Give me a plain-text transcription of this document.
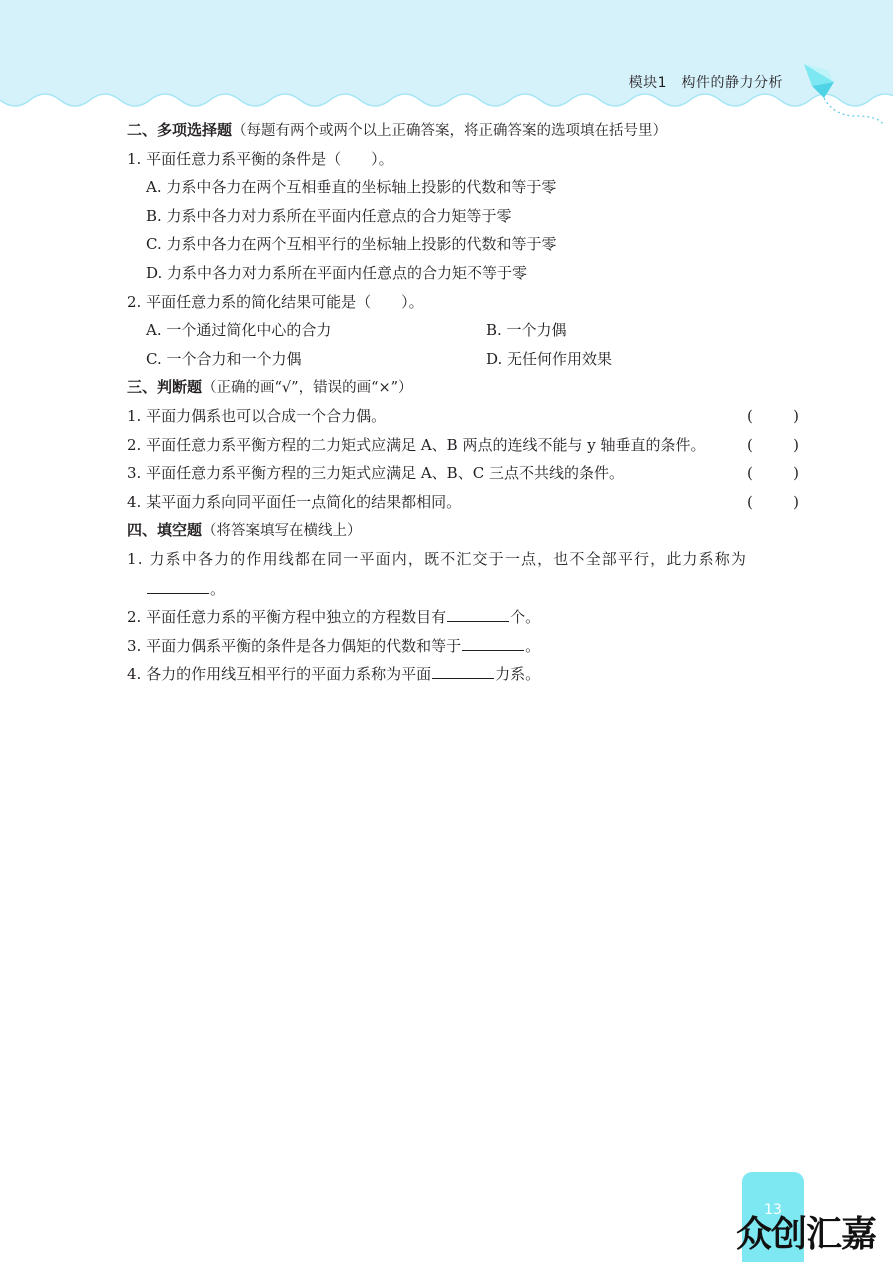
模块1　构件的静力分析
二、多项选择题（每题有两个或两个以上正确答案，将正确答案的选项填在括号里）
1. 平面任意力系平衡的条件是（　　）。
A. 力系中各力在两个互相垂直的坐标轴上投影的代数和等于零
B. 力系中各力对力系所在平面内任意点的合力矩等于零
C. 力系中各力在两个互相平行的坐标轴上投影的代数和等于零
D. 力系中各力对力系所在平面内任意点的合力矩不等于零
2. 平面任意力系的简化结果可能是（　　）。
A. 一个通过简化中心的合力	B. 一个力偶
C. 一个合力和一个力偶	D. 无任何作用效果
三、判断题（正确的画“√”，错误的画“×”）
1. 平面力偶系也可以合成一个合力偶。	(	)
2. 平面任意力系平衡方程的二力矩式应满足 A、B 两点的连线不能与 y 轴垂直的条件。	(	)
3. 平面任意力系平衡方程的三力矩式应满足 A、B、C 三点不共线的条件。	(	)
4. 某平面力系向同平面任一点简化的结果都相同。	(	)
四、填空题（将答案填写在横线上）
1. 力系中各力的作用线都在同一平面内，既不汇交于一点，也不全部平行，此力系称为
。
2. 平面任意力系的平衡方程中独立的方程数目有	个。
3. 平面力偶系平衡的条件是各力偶矩的代数和等于	。
4. 各力的作用线互相平行的平面力系称为平面	力系。
13
众创汇嘉
